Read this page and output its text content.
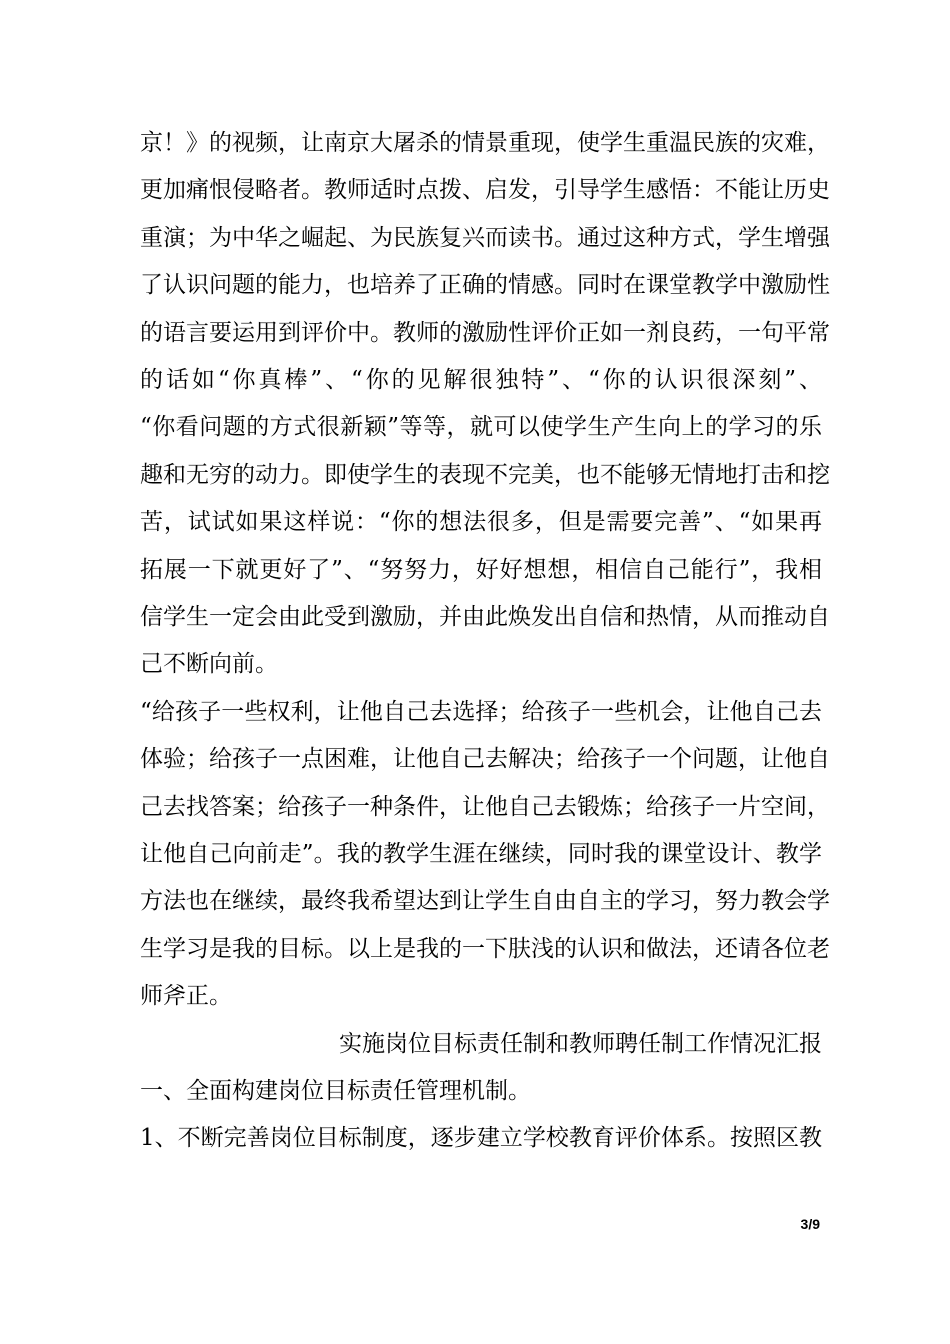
京！》的视频，让南京大屠杀的情景重现，使学生重温民族的灾难，
更加痛恨侵略者。教师适时点拨、启发，引导学生感悟：不能让历史
重演；为中华之崛起、为民族复兴而读书。通过这种方式，学生增强
了认识问题的能力，也培养了正确的情感。同时在课堂教学中激励性
的语言要运用到评价中。教师的激励性评价正如一剂良药，一句平常
的话如“你真棒”、“你的见解很独特”、“你的认识很深刻”、
“你看问题的方式很新颖”等等，就可以使学生产生向上的学习的乐
趣和无穷的动力。即使学生的表现不完美，也不能够无情地打击和挖
苦，试试如果这样说：“你的想法很多，但是需要完善”、“如果再
拓展一下就更好了”、“努努力，好好想想，相信自己能行”，我相
信学生一定会由此受到激励，并由此焕发出自信和热情，从而推动自
己不断向前。
“给孩子一些权利，让他自己去选择；给孩子一些机会，让他自己去
体验；给孩子一点困难，让他自己去解决；给孩子一个问题，让他自
己去找答案；给孩子一种条件，让他自己去锻炼；给孩子一片空间，
让他自己向前走”。我的教学生涯在继续，同时我的课堂设计、教学
方法也在继续，最终我希望达到让学生自由自主的学习，努力教会学
生学习是我的目标。以上是我的一下肤浅的认识和做法，还请各位老
师斧正。
实施岗位目标责任制和教师聘任制工作情况汇报
一、全面构建岗位目标责任管理机制。
1、不断完善岗位目标制度，逐步建立学校教育评价体系。按照区教
3/9
